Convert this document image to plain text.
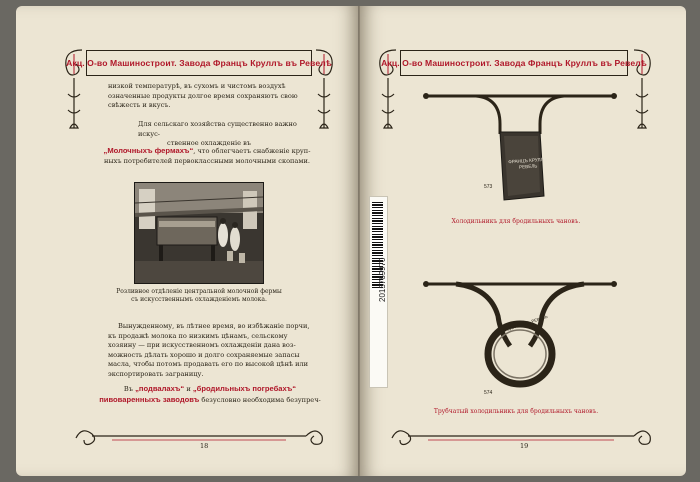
Акц. О-во Машиностроит. Завода Францъ Круллъ въ Ревелѣ
низкой температурѣ, въ сухомъ и чистомъ воздухѣ
означенные продукты долгое время сохраняютъ свою
свѣжесть и вкусъ.
Для сельскаго хозяйства существенно важно искус-
ственное охлажденіе въ
„Молочныхъ фермахъ“, что облегчаетъ снабженіе круп-
ныхъ потребителей первоклассными молочными скопами.
Розливное отдѣленіе центральной молочной фермы
съ искусственнымъ охлажденіемъ молока.
Вынужденному, въ лѣтнее время, во избѣжаніе порчи,
къ продажѣ молока по низкимъ цѣнамъ, сельскому
хозяину — при искусственномъ охлажденіи дана воз-
можность дѣлать хорошо и долго сохраняемые запасы
масла, чтобы потомъ продавать его по высокой цѣнѣ или
экспортировать заграницу.
Въ „подвалахъ“ и „бродильныхъ погребахъ“
пивоваренныхъ заводовъ безусловно необходима безупреч-
18
Акц. О-во Машиностроит. Завода Францъ Круллъ въ Ревелѣ
573
ФРАНЦЪ КРУЛЛЪ
РЕВЕЛЬ
Холодильникъ для бродильныхъ чановъ.
ФРАНЦЪ КРУЛЛЪ РЕВЕЛЬ
574
Трубчатый холодильникъ для бродильныхъ чановъ.
19
2015769970
